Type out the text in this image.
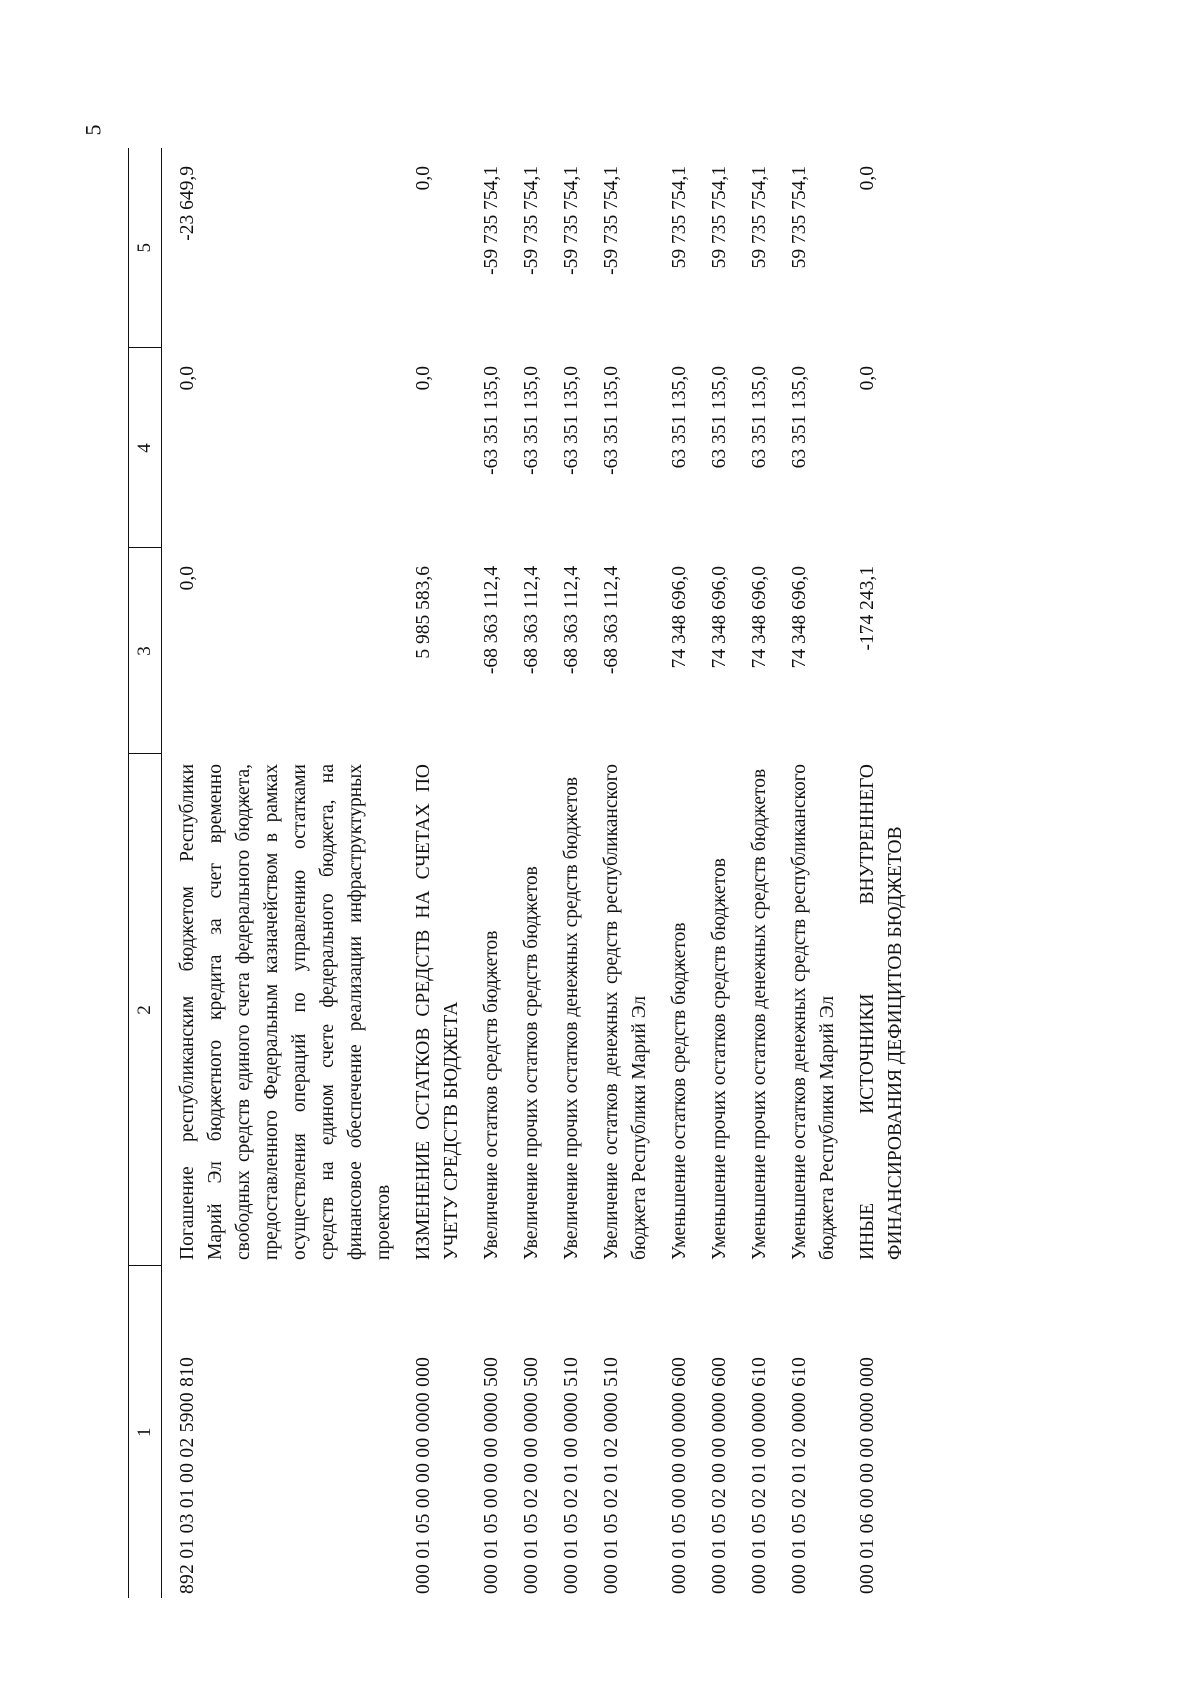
5
1	2	3	4	5

892 01 03 01 00 02 5900 810	Погашение республиканским бюджетом Республики Марий Эл бюджетного кредита за счет временно свободных средств единого счета федерального бюджета, предоставленного Федеральным казначейством в рамках осуществления операций по управлению остатками средств на едином счете федерального бюджета, на финансовое обеспечение реализации инфраструктурных проектов	0,0	0,0	-23 649,9
000 01 05 00 00 00 0000 000	ИЗМЕНЕНИЕ ОСТАТКОВ СРЕДСТВ НА СЧЕТАХ ПО УЧЕТУ СРЕДСТВ БЮДЖЕТА	5 985 583,6	0,0	0,0
000 01 05 00 00 00 0000 500	Увеличение остатков средств бюджетов	-68 363 112,4	-63 351 135,0	-59 735 754,1
000 01 05 02 00 00 0000 500	Увеличение прочих остатков средств бюджетов	-68 363 112,4	-63 351 135,0	-59 735 754,1
000 01 05 02 01 00 0000 510	Увеличение прочих остатков денежных средств бюджетов	-68 363 112,4	-63 351 135,0	-59 735 754,1
000 01 05 02 01 02 0000 510	Увеличение остатков денежных средств республиканского бюджета Республики Марий Эл	-68 363 112,4	-63 351 135,0	-59 735 754,1
000 01 05 00 00 00 0000 600	Уменьшение остатков средств бюджетов	74 348 696,0	63 351 135,0	59 735 754,1
000 01 05 02 00 00 0000 600	Уменьшение прочих остатков средств бюджетов	74 348 696,0	63 351 135,0	59 735 754,1
000 01 05 02 01 00 0000 610	Уменьшение прочих остатков денежных средств бюджетов	74 348 696,0	63 351 135,0	59 735 754,1
000 01 05 02 01 02 0000 610	Уменьшение остатков денежных средств республиканского бюджета Республики Марий Эл	74 348 696,0	63 351 135,0	59 735 754,1
000 01 06 00 00 00 0000 000	ИНЫЕ ИСТОЧНИКИ ВНУТРЕННЕГО ФИНАНСИРОВАНИЯ ДЕФИЦИТОВ БЮДЖЕТОВ	-174 243,1	0,0	0,0
